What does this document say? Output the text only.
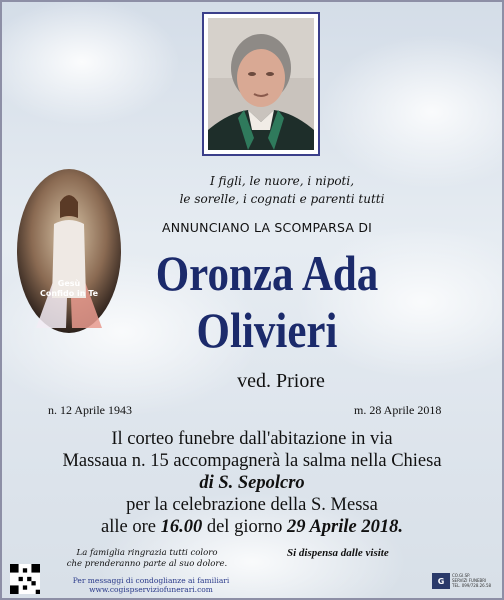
Gesù
Confido in Te
I figli, le nuore, i nipoti,
le sorelle, i cognati e parenti tutti
ANNUNCIANO LA SCOMPARSA DI
Oronza Ada
Olivieri
ved. Priore
n. 12 Aprile 1943	m. 28 Aprile 2018
Il corteo funebre dall'abitazione in via
Massaua n. 15 accompagnerà la salma nella Chiesa
di S. Sepolcro
per la celebrazione della S. Messa
alle ore 16.00 del giorno 29 Aprile 2018.
La famiglia ringrazia tutti coloro
che prenderanno parte al suo dolore.
Per messaggi di condoglianze ai familiari
www.cogispserviziofunerari.com
Si dispensa dalle visite
G
CO.GI.SP.
SERVIZI FUNEBRI
TEL. 099/728.26.58
